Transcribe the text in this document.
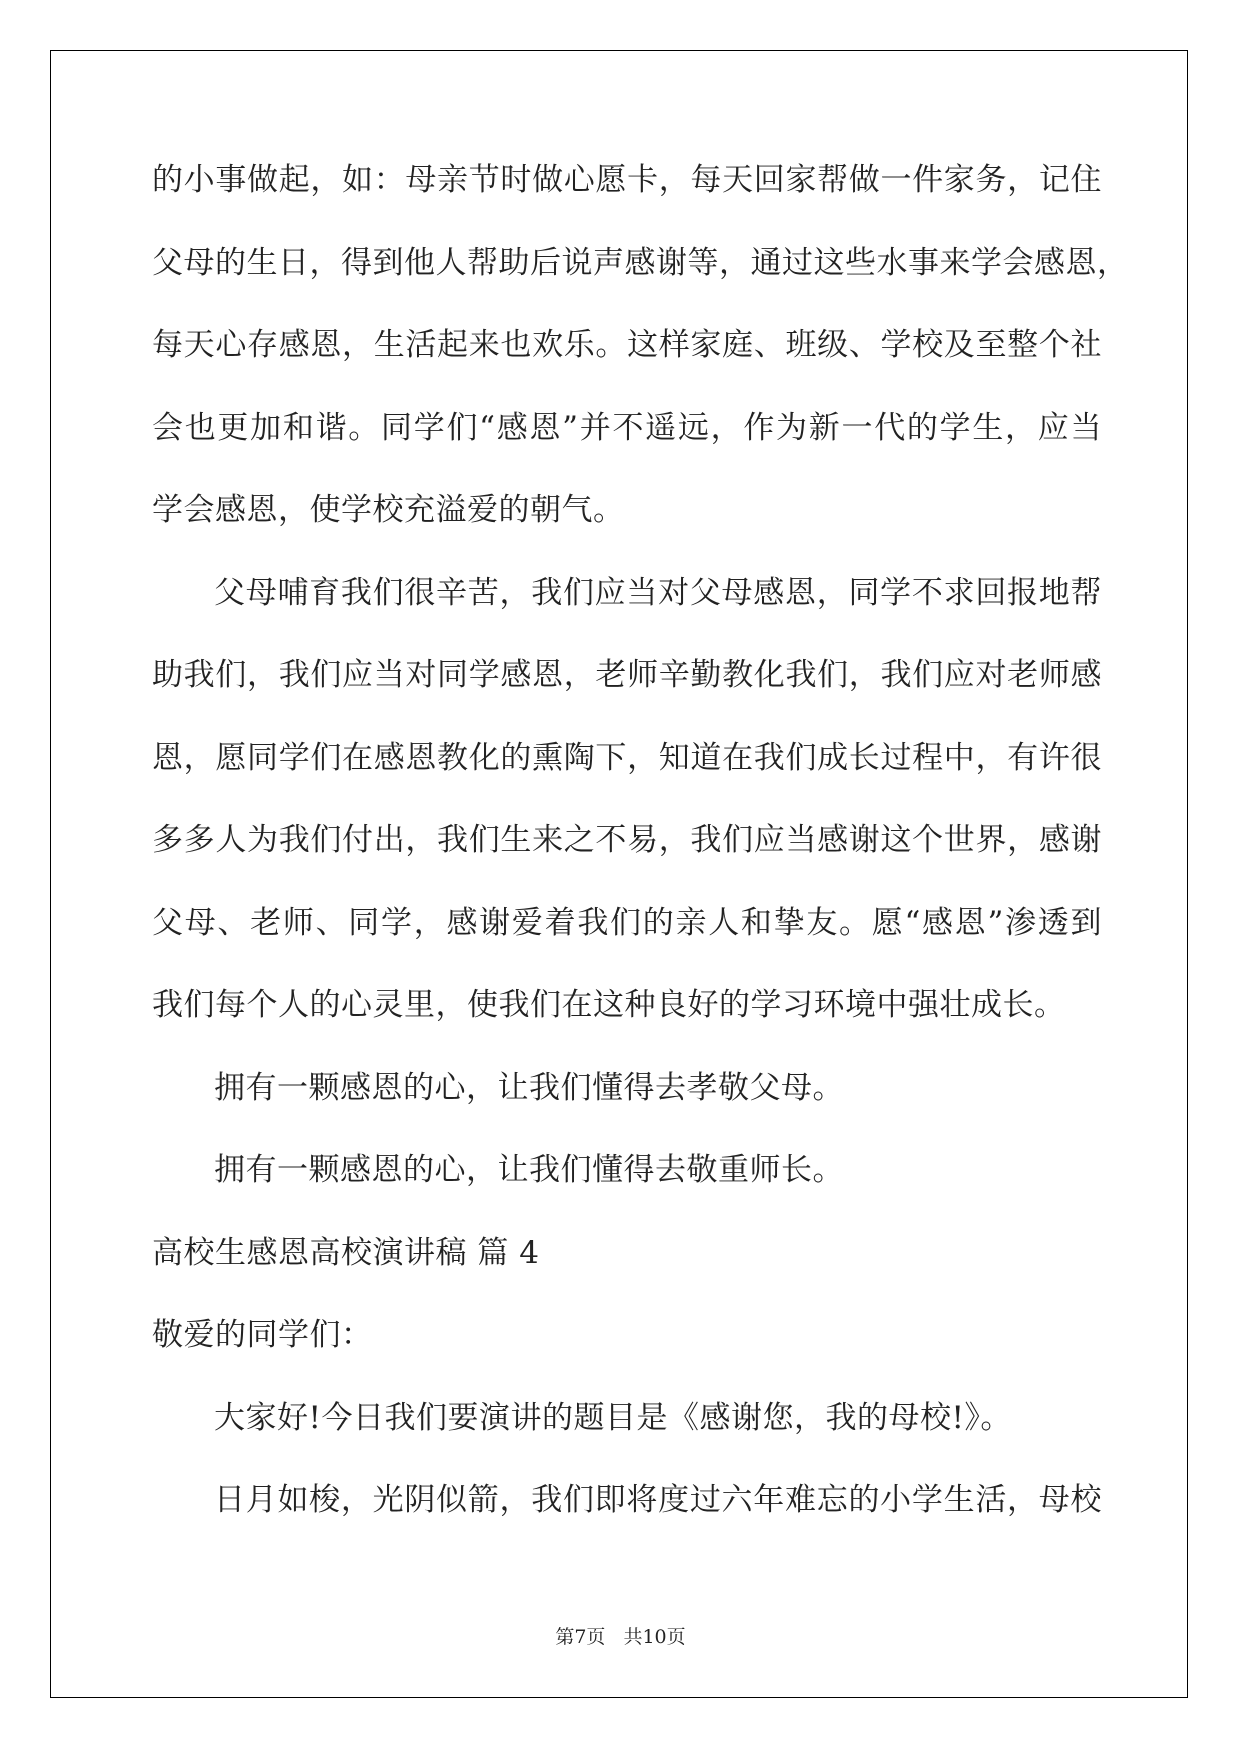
的小事做起，如：母亲节时做心愿卡，每天回家帮做一件家务，记住
父母的生日，得到他人帮助后说声感谢等，通过这些水事来学会感恩，
每天心存感恩，生活起来也欢乐。这样家庭、班级、学校及至整个社
会也更加和谐。同学们“感恩”并不遥远，作为新一代的学生，应当
学会感恩，使学校充溢爱的朝气。
父母哺育我们很辛苦，我们应当对父母感恩，同学不求回报地帮
助我们，我们应当对同学感恩，老师辛勤教化我们，我们应对老师感
恩，愿同学们在感恩教化的熏陶下，知道在我们成长过程中，有许很
多多人为我们付出，我们生来之不易，我们应当感谢这个世界，感谢
父母、老师、同学，感谢爱着我们的亲人和挚友。愿“感恩”渗透到
我们每个人的心灵里，使我们在这种良好的学习环境中强壮成长。
拥有一颗感恩的心，让我们懂得去孝敬父母。
拥有一颗感恩的心，让我们懂得去敬重师长。
高校生感恩高校演讲稿 篇 4
敬爱的同学们：
大家好!今日我们要演讲的题目是《感谢您，我的母校!》。
日月如梭，光阴似箭，我们即将度过六年难忘的小学生活，母校
第7页 共10页
